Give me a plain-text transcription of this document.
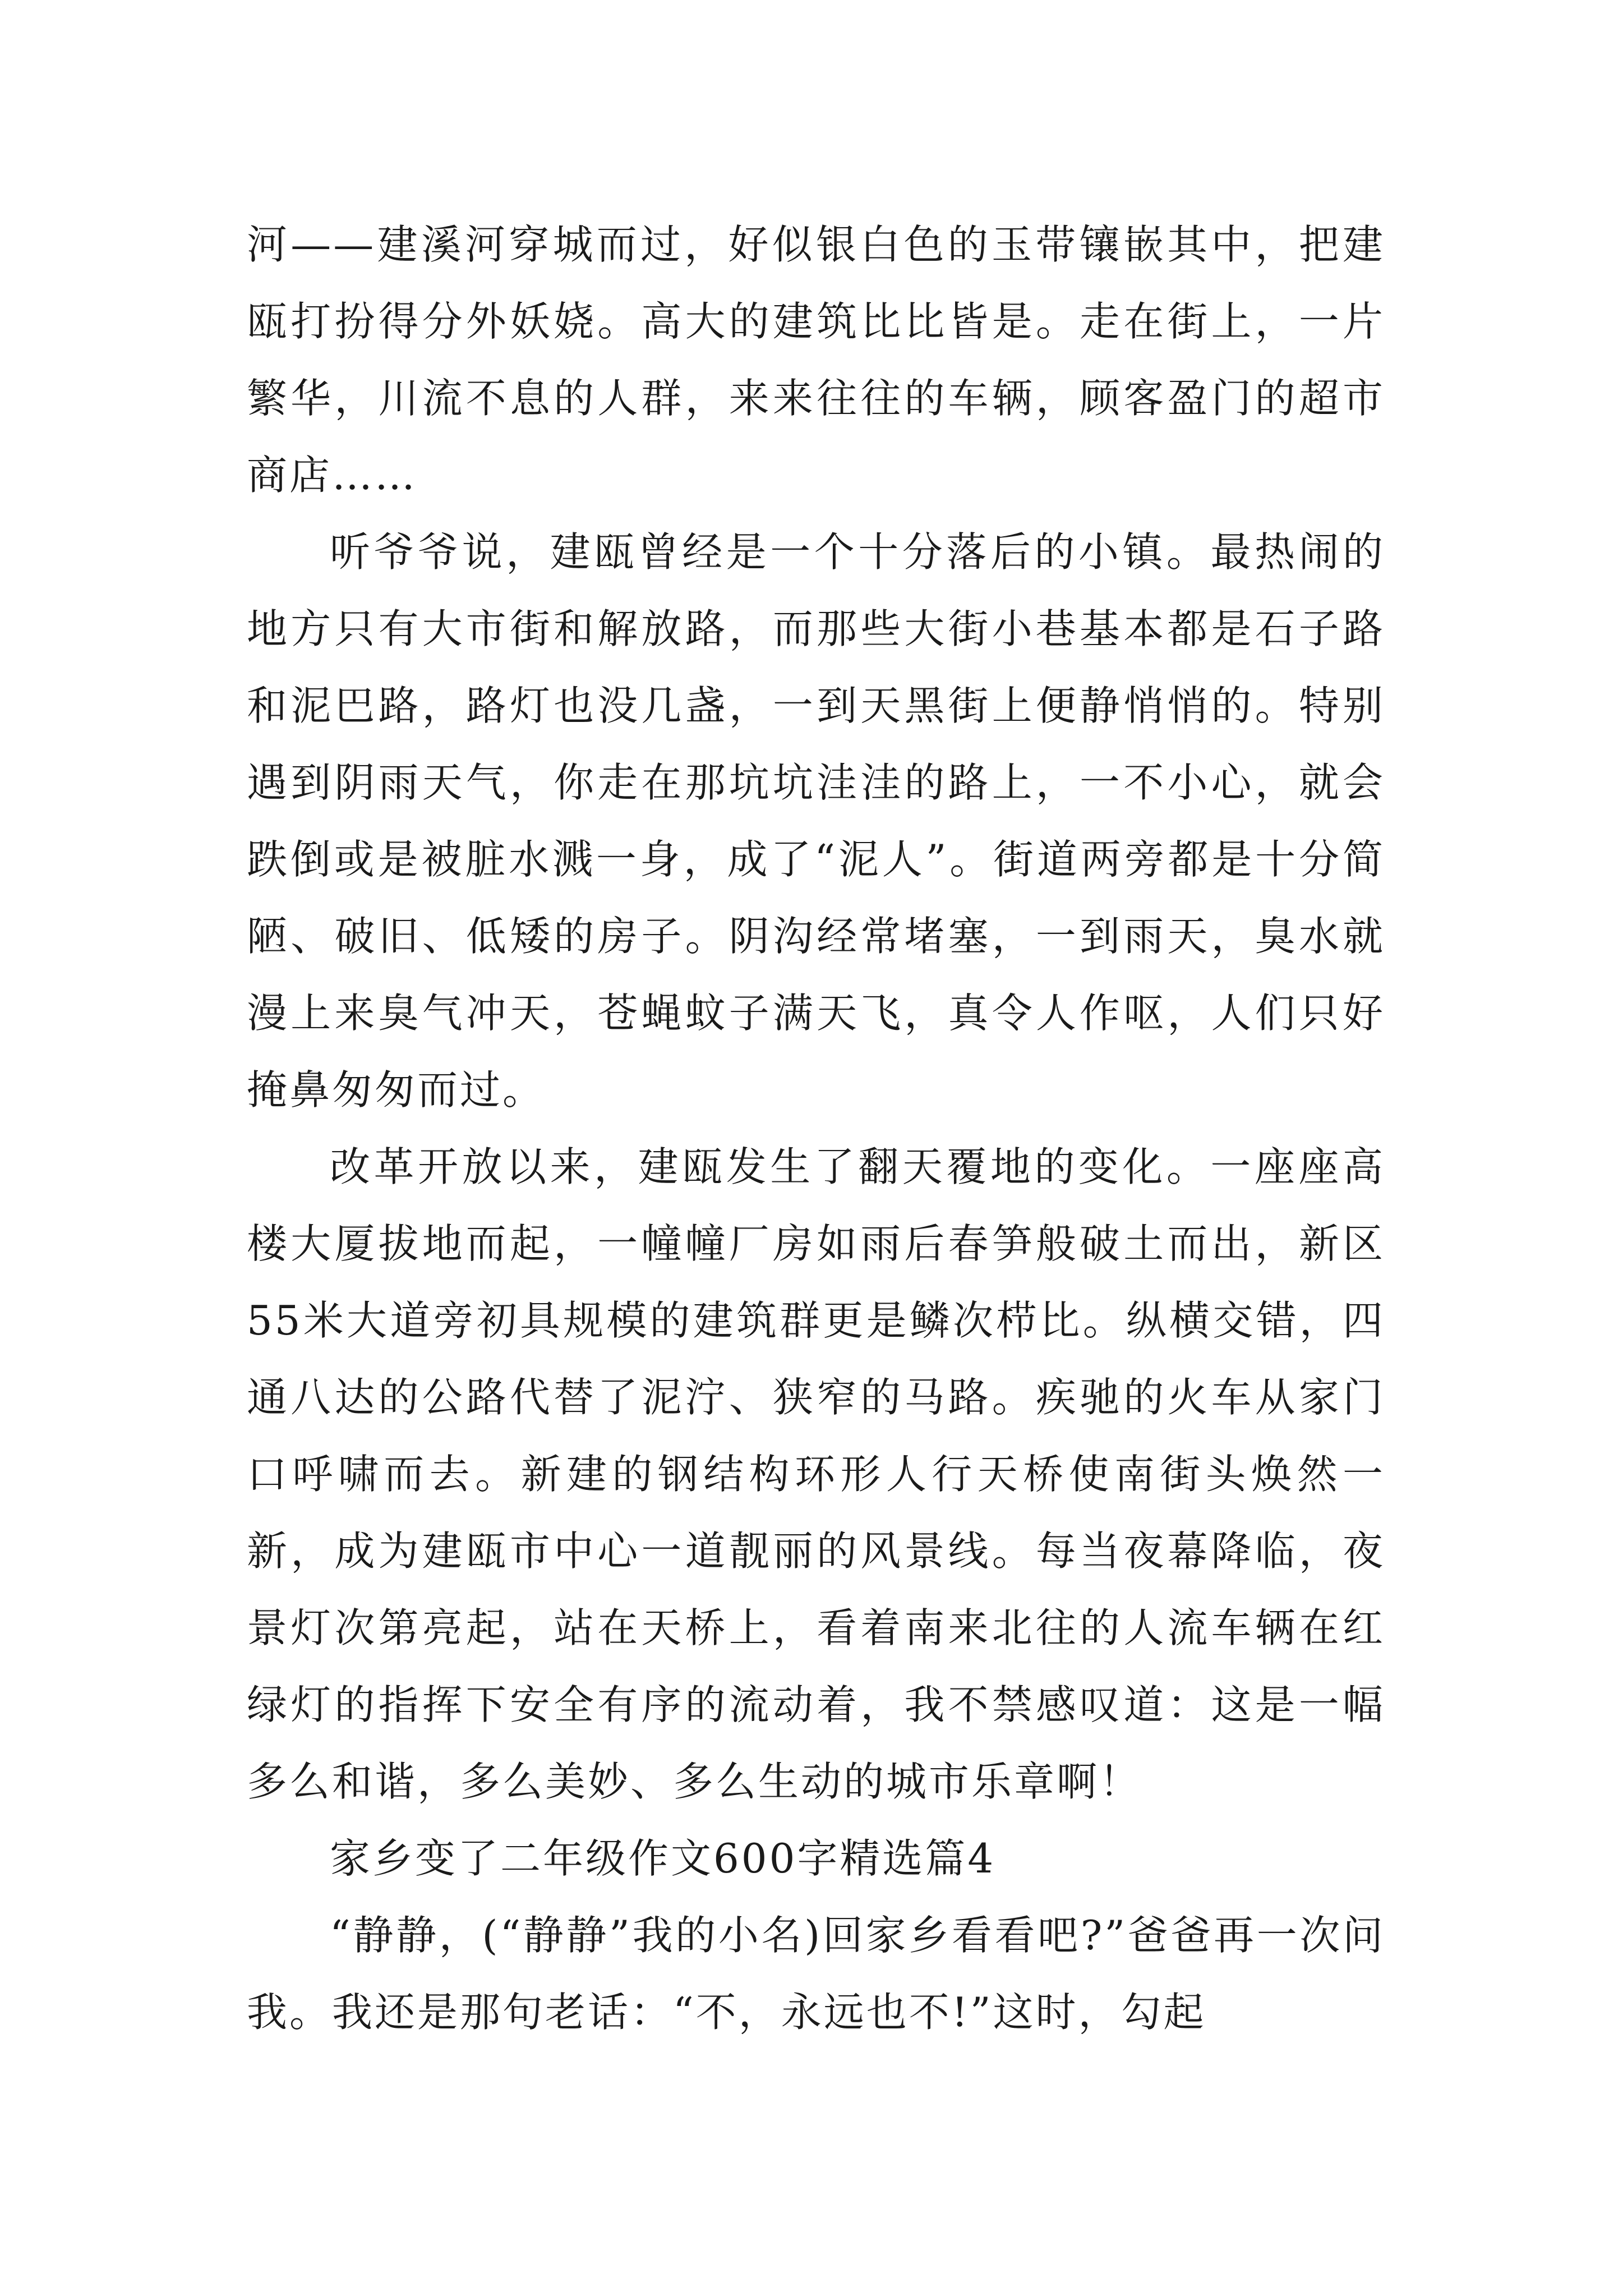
河——建溪河穿城而过，好似银白色的玉带镶嵌其中，把建瓯打扮得分外妖娆。高大的建筑比比皆是。走在街上，一片繁华，川流不息的人群，来来往往的车辆，顾客盈门的超市商店……

听爷爷说，建瓯曾经是一个十分落后的小镇。最热闹的地方只有大市街和解放路，而那些大街小巷基本都是石子路和泥巴路，路灯也没几盏，一到天黑街上便静悄悄的。特别遇到阴雨天气，你走在那坑坑洼洼的路上，一不小心，就会跌倒或是被脏水溅一身，成了“泥人”。街道两旁都是十分简陋、破旧、低矮的房子。阴沟经常堵塞，一到雨天，臭水就漫上来臭气冲天，苍蝇蚊子满天飞，真令人作呕，人们只好掩鼻匆匆而过。

改革开放以来，建瓯发生了翻天覆地的变化。一座座高楼大厦拔地而起，一幢幢厂房如雨后春笋般破土而出，新区55米大道旁初具规模的建筑群更是鳞次栉比。纵横交错，四通八达的公路代替了泥泞、狭窄的马路。疾驰的火车从家门口呼啸而去。新建的钢结构环形人行天桥使南街头焕然一新，成为建瓯市中心一道靓丽的风景线。每当夜幕降临，夜景灯次第亮起，站在天桥上，看着南来北往的人流车辆在红绿灯的指挥下安全有序的流动着，我不禁感叹道：这是一幅多么和谐，多么美妙、多么生动的城市乐章啊！

家乡变了二年级作文600字精选篇4

“静静，(“静静”我的小名)回家乡看看吧?”爸爸再一次问我。我还是那句老话：“不，永远也不!”这时，勾起
